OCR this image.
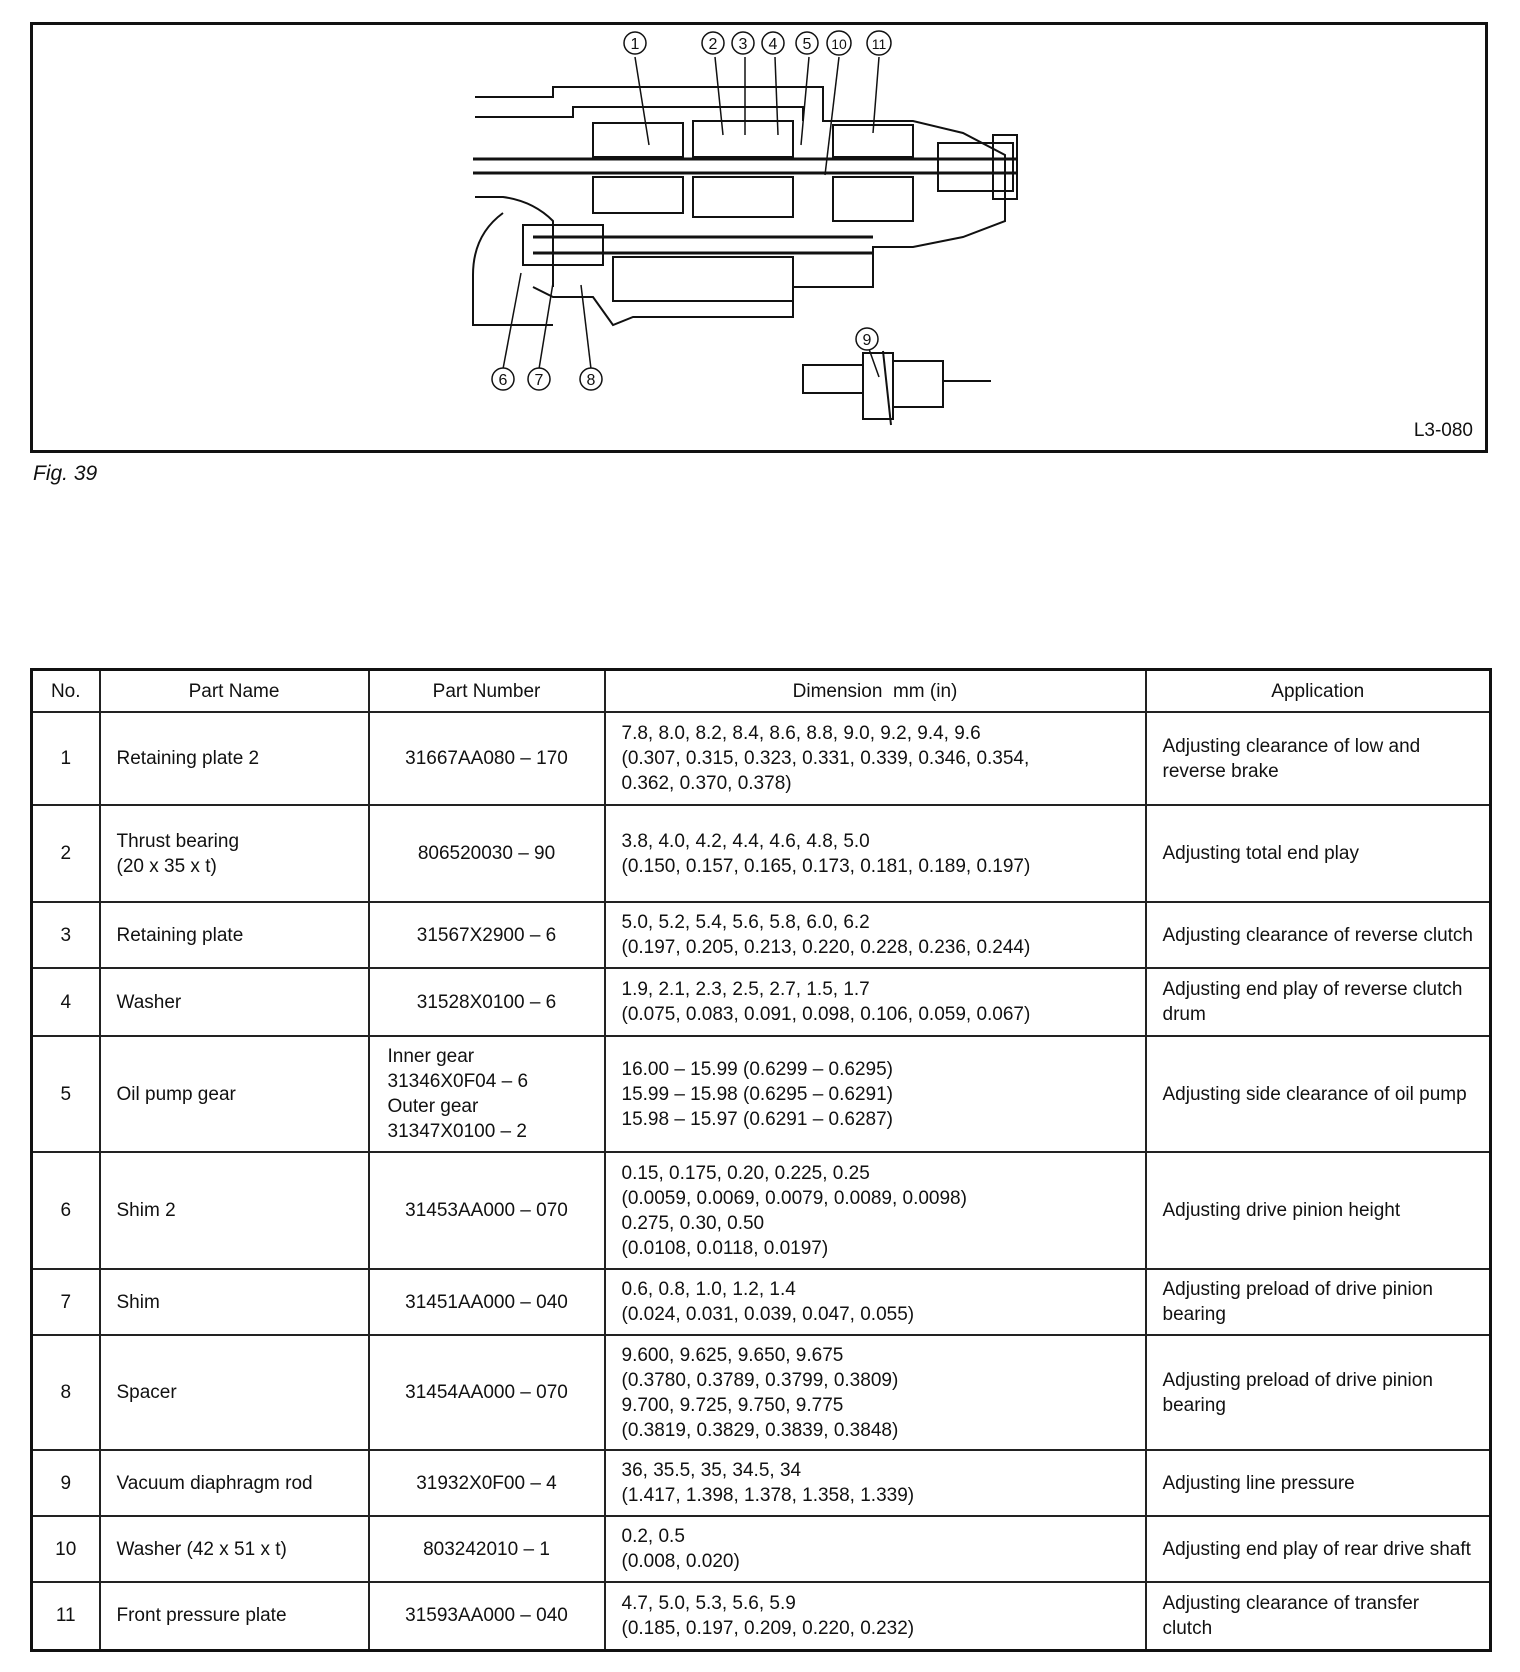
1	2 3 4 5 10 11
6 7	8
9
L3-080
Fig. 39
No.	Part Name	Part Number	Dimension  mm (in)	Application
1	Retaining plate 2	31667AA080 – 170	7.8, 8.0, 8.2, 8.4, 8.6, 8.8, 9.0, 9.2, 9.4, 9.6
(0.307, 0.315, 0.323, 0.331, 0.339, 0.346, 0.354,
0.362, 0.370, 0.378)	Adjusting clearance of low and reverse brake

2	Thrust bearing
(20 x 35 x t)	806520030 – 90	3.8, 4.0, 4.2, 4.4, 4.6, 4.8, 5.0
(0.150, 0.157, 0.165, 0.173, 0.181, 0.189, 0.197)	Adjusting total end play

3	Retaining plate	31567X2900 – 6	5.0, 5.2, 5.4, 5.6, 5.8, 6.0, 6.2
(0.197, 0.205, 0.213, 0.220, 0.228, 0.236, 0.244)	Adjusting clearance of reverse clutch

4	Washer	31528X0100 – 6	1.9, 2.1, 2.3, 2.5, 2.7, 1.5, 1.7
(0.075, 0.083, 0.091, 0.098, 0.106, 0.059, 0.067)	Adjusting end play of reverse clutch drum

5	Oil pump gear	Inner gear
31346X0F04 – 6
Outer gear
31347X0100 – 2	16.00 – 15.99 (0.6299 – 0.6295)
15.99 – 15.98 (0.6295 – 0.6291)
15.98 – 15.97 (0.6291 – 0.6287)	Adjusting side clearance of oil pump

6	Shim 2	31453AA000 – 070	0.15, 0.175, 0.20, 0.225, 0.25
(0.0059, 0.0069, 0.0079, 0.0089, 0.0098)
0.275, 0.30, 0.50
(0.0108, 0.0118, 0.0197)	Adjusting drive pinion height

7	Shim	31451AA000 – 040	0.6, 0.8, 1.0, 1.2, 1.4
(0.024, 0.031, 0.039, 0.047, 0.055)	Adjusting preload of drive pinion bearing

8	Spacer	31454AA000 – 070	9.600, 9.625, 9.650, 9.675
(0.3780, 0.3789, 0.3799, 0.3809)
9.700, 9.725, 9.750, 9.775
(0.3819, 0.3829, 0.3839, 0.3848)	Adjusting preload of drive pinion bearing

9	Vacuum diaphragm rod	31932X0F00 – 4	36, 35.5, 35, 34.5, 34
(1.417, 1.398, 1.378, 1.358, 1.339)	Adjusting line pressure

10	Washer (42 x 51 x t)	803242010 – 1	0.2, 0.5
(0.008, 0.020)	Adjusting end play of rear drive shaft

11	Front pressure plate	31593AA000 – 040	4.7, 5.0, 5.3, 5.6, 5.9
(0.185, 0.197, 0.209, 0.220, 0.232)	Adjusting clearance of transfer clutch
